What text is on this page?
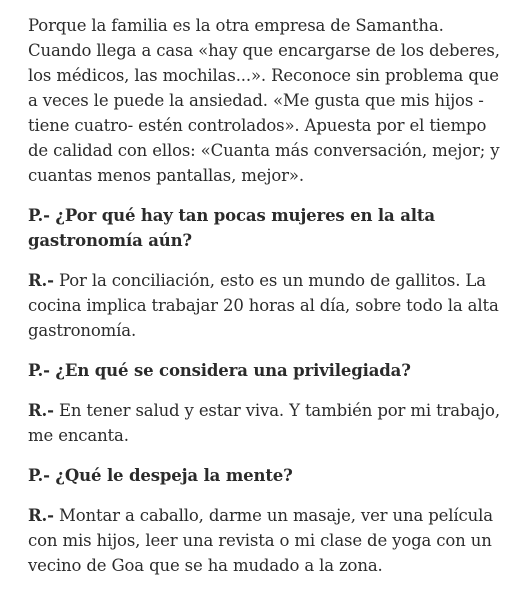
Porque la familia es la otra empresa de Samantha. Cuando llega a casa «hay que encargarse de los deberes, los médicos, las mochilas...». Reconoce sin problema que a veces le puede la ansiedad. «Me gusta que mis hijos -tiene cuatro- estén controlados». Apuesta por el tiempo de calidad con ellos: «Cuanta más conversación, mejor; y cuantas menos pantallas, mejor».

P.- ¿Por qué hay tan pocas mujeres en la alta gastronomía aún?

R.- Por la conciliación, esto es un mundo de gallitos. La cocina implica trabajar 20 horas al día, sobre todo la alta gastronomía.

P.- ¿En qué se considera una privilegiada?

R.- En tener salud y estar viva. Y también por mi trabajo, me encanta.

P.- ¿Qué le despeja la mente?

R.- Montar a caballo, darme un masaje, ver una película con mis hijos, leer una revista o mi clase de yoga con un vecino de Goa que se ha mudado a la zona.
